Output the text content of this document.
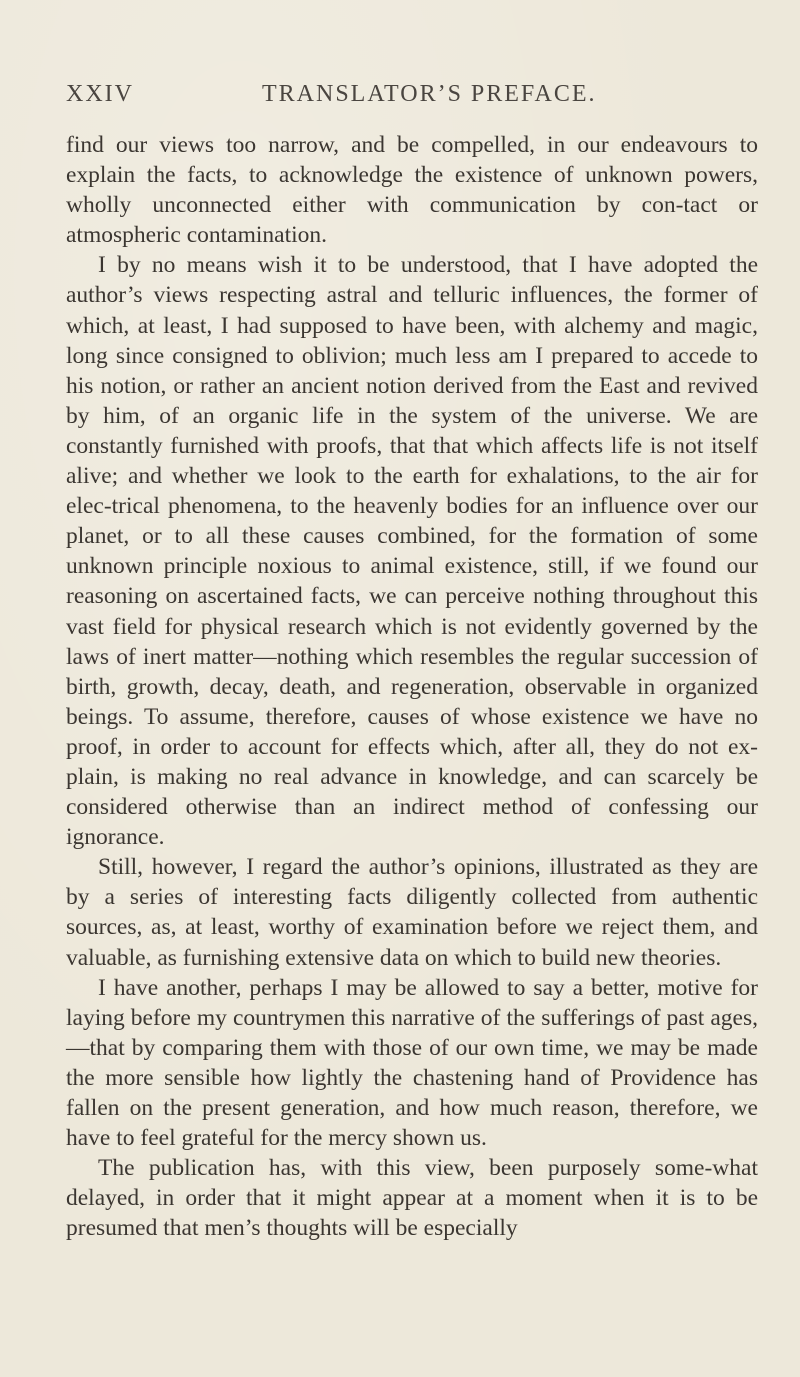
XXIV	TRANSLATOR’S PREFACE.

find our views too narrow, and be compelled, in our endeavours to explain the facts, to acknowledge the existence of unknown powers, wholly unconnected either with communication by con-tact or atmospheric contamination.

I by no means wish it to be understood, that I have adopted the author’s views respecting astral and telluric influences, the former of which, at least, I had supposed to have been, with alchemy and magic, long since consigned to oblivion; much less am I prepared to accede to his notion, or rather an ancient notion derived from the East and revived by him, of an organic life in the system of the universe. We are constantly furnished with proofs, that that which affects life is not itself alive; and whether we look to the earth for exhalations, to the air for elec-trical phenomena, to the heavenly bodies for an influence over our planet, or to all these causes combined, for the formation of some unknown principle noxious to animal existence, still, if we found our reasoning on ascertained facts, we can perceive nothing throughout this vast field for physical research which is not evidently governed by the laws of inert matter—nothing which resembles the regular succession of birth, growth, decay, death, and regeneration, observable in organized beings. To assume, therefore, causes of whose existence we have no proof, in order to account for effects which, after all, they do not ex-plain, is making no real advance in knowledge, and can scarcely be considered otherwise than an indirect method of confessing our ignorance.

Still, however, I regard the author’s opinions, illustrated as they are by a series of interesting facts diligently collected from authentic sources, as, at least, worthy of examination before we reject them, and valuable, as furnishing extensive data on which to build new theories.

I have another, perhaps I may be allowed to say a better, motive for laying before my countrymen this narrative of the sufferings of past ages,—that by comparing them with those of our own time, we may be made the more sensible how lightly the chastening hand of Providence has fallen on the present generation, and how much reason, therefore, we have to feel grateful for the mercy shown us.

The publication has, with this view, been purposely some-what delayed, in order that it might appear at a moment when it is to be presumed that men’s thoughts will be especially
